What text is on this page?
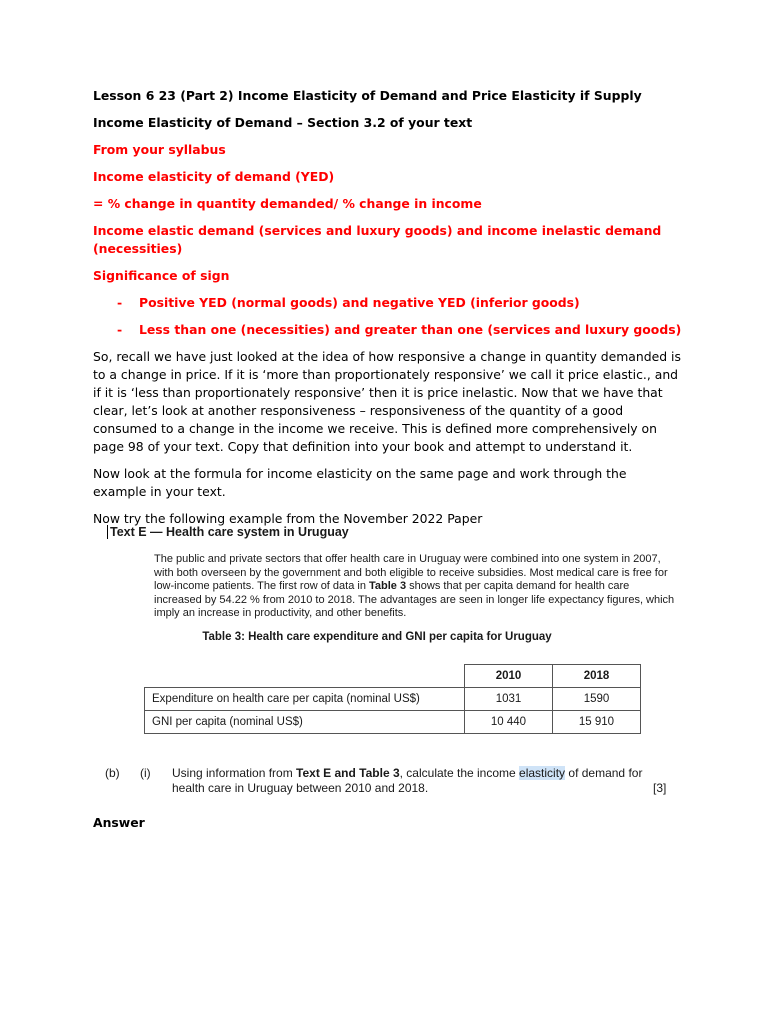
Lesson 6 23 (Part 2) Income Elasticity of Demand and Price Elasticity if Supply

Income Elasticity of Demand – Section 3.2 of your text

From your syllabus

Income elasticity of demand (YED)

= % change in quantity demanded/ % change in income

Income elastic demand (services and luxury goods) and income inelastic demand (necessities)

Significance of sign

-	Positive YED (normal goods) and negative YED (inferior goods)
-	Less than one (necessities) and greater than one (services and luxury goods)

So, recall we have just looked at the idea of how responsive a change in quantity demanded is to a change in price. If it is ‘more than proportionately responsive’ we call it price elastic., and if it is ‘less than proportionately responsive’ then it is price inelastic. Now that we have that clear, let’s look at another responsiveness – responsiveness of the quantity of a good consumed to a change in the income we receive. This is defined more comprehensively on page 98 of your text. Copy that definition into your book and attempt to understand it.

Now look at the formula for income elasticity on the same page and work through the example in your text.

Now try the following example from the November 2022 Paper

Text E — Health care system in Uruguay
The public and private sectors that offer health care in Uruguay were combined into one system in 2007, with both overseen by the government and both eligible to receive subsidies. Most medical care is free for low-income patients. The first row of data in Table 3 shows that per capita demand for health care increased by 54.22 % from 2010 to 2018. The advantages are seen in longer life expectancy figures, which imply an increase in productivity, and other benefits.
Table 3: Health care expenditure and GNI per capita for Uruguay
	2010	2018
Expenditure on health care per capita (nominal US$)	1031	1590
GNI per capita (nominal US$)	10 440	15 910
(b) (i) Using information from Text E and Table 3, calculate the income elasticity of demand for health care in Uruguay between 2010 and 2018.	[3]
Answer
